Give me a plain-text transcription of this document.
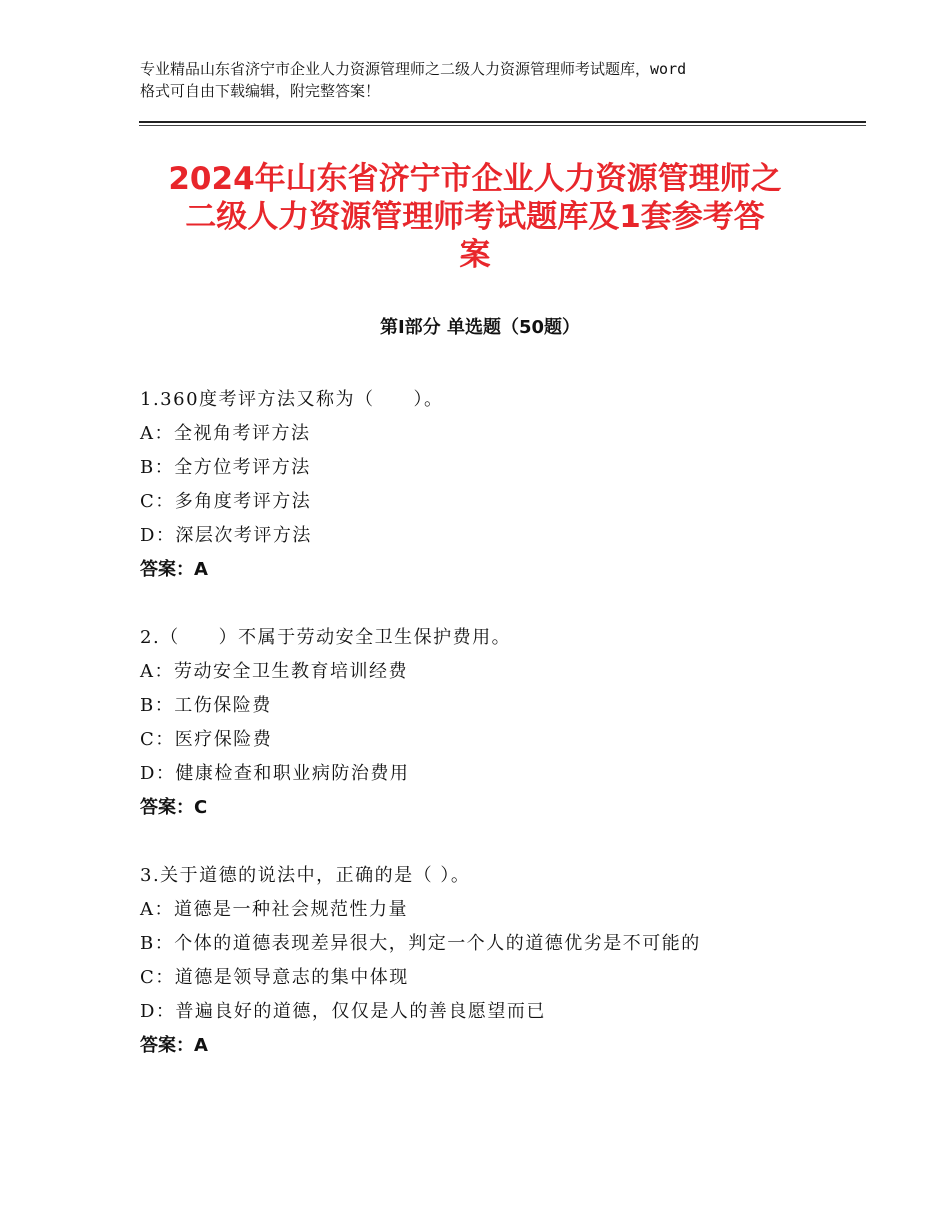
专业精品山东省济宁市企业人力资源管理师之二级人力资源管理师考试题库，word
格式可自由下载编辑，附完整答案！
2024年山东省济宁市企业人力资源管理师之
二级人力资源管理师考试题库及1套参考答
案
第Ⅰ部分 单选题（50题）
1.360度考评方法又称为（　　）。
A：全视角考评方法
B：全方位考评方法
C：多角度考评方法
D：深层次考评方法
答案：A
2.（　　）不属于劳动安全卫生保护费用。
A：劳动安全卫生教育培训经费
B：工伤保险费
C：医疗保险费
D：健康检查和职业病防治费用
答案：C
3.关于道德的说法中，正确的是（ ）。
A：道德是一种社会规范性力量
B：个体的道德表现差异很大，判定一个人的道德优劣是不可能的
C：道德是领导意志的集中体现
D：普遍良好的道德，仅仅是人的善良愿望而已
答案：A
